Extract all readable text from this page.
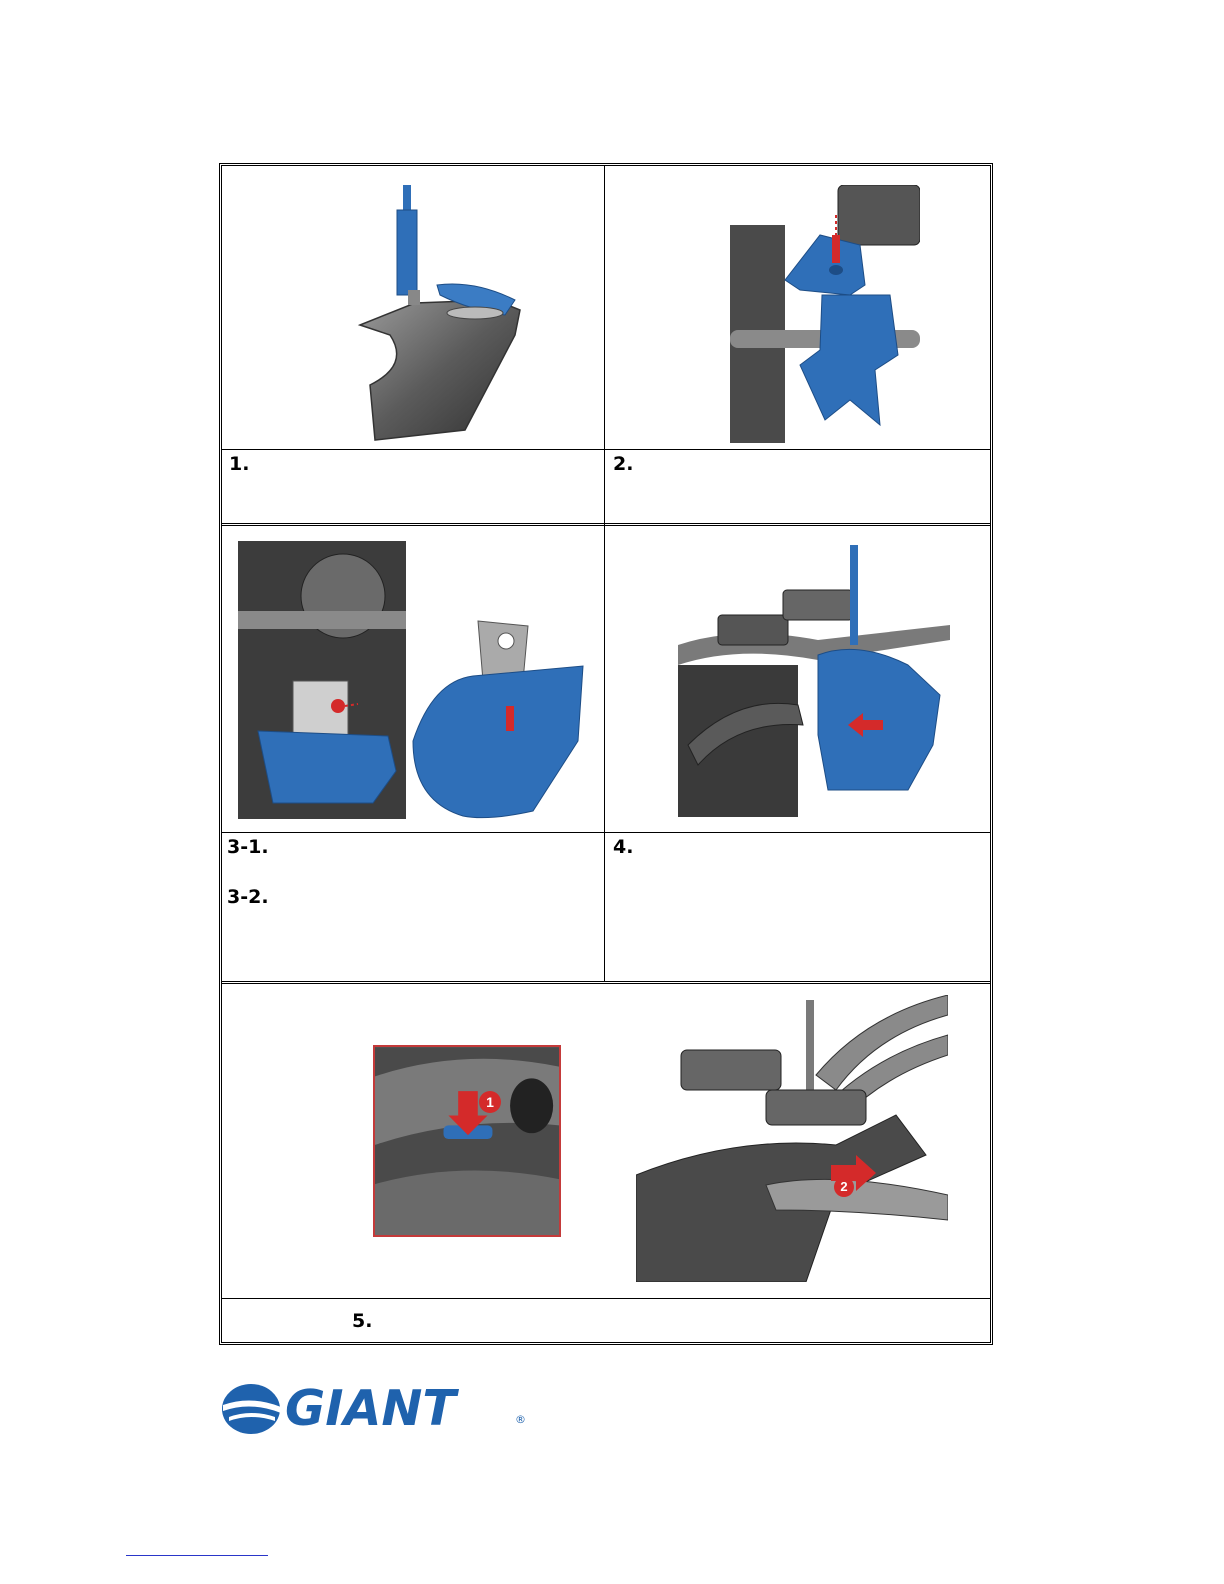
1
2
1.	2.
3-1.
3-2.
4.
5.
GIANT	®
